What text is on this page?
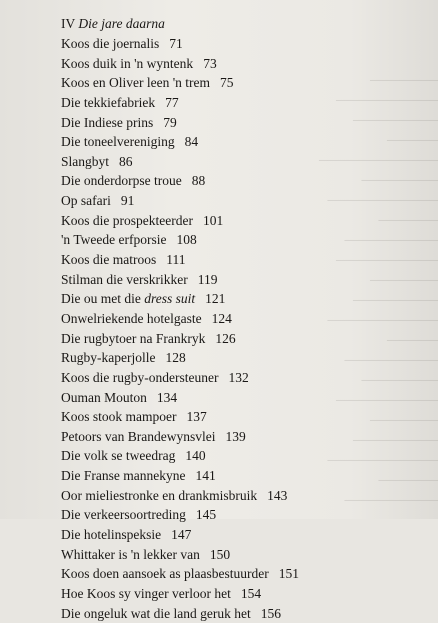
────────
────────────
──────────
──────
──────────────
─────────
─────────────
───────
───────────
────────────
────────
──────────
─────────────
──────
───────────
─────────
────────────
────────
──────────
─────────────
───────
───────────
IV Die jare daarna
Koos die joernalis 71
Koos duik in 'n wyntenk 73
Koos en Oliver leen 'n trem 75
Die tekkiefabriek 77
Die Indiese prins 79
Die toneelvereniging 84
Slangbyt 86
Die onderdorpse troue 88
Op safari 91
Koos die prospekteerder 101
'n Tweede erfporsie 108
Koos die matroos 111
Stilman die verskrikker 119
Die ou met die dress suit 121
Onwelriekende hotelgaste 124
Die rugbytoer na Frankryk 126
Rugby-kaperjolle 128
Koos die rugby-ondersteuner 132
Ouman Mouton 134
Koos stook mampoer 137
Petoors van Brandewynsvlei 139
Die volk se tweedrag 140
Die Franse mannekyne 141
Oor mieliestronke en drankmisbruik 143
Die verkeersoortreding 145
Die hotelinspeksie 147
Whittaker is 'n lekker van 150
Koos doen aansoek as plaasbestuurder 151
Hoe Koos sy vinger verloor het 154
Die ongeluk wat die land geruk het 156
